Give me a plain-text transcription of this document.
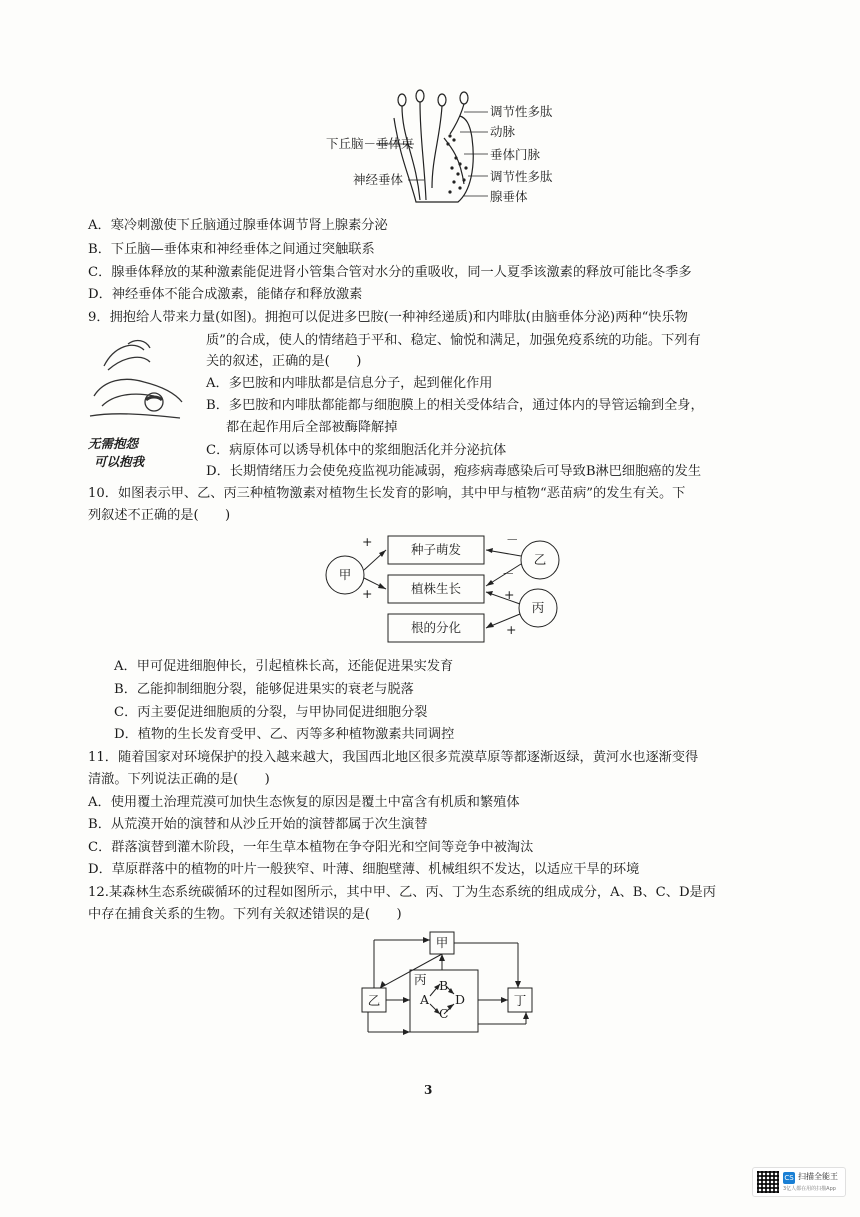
调节性多肽
动脉
垂体门脉
调节性多肽
腺垂体
下丘脑－垂体束
神经垂体
A．寒冷刺激使下丘脑通过腺垂体调节肾上腺素分泌
B．下丘脑—垂体束和神经垂体之间通过突触联系
C．腺垂体释放的某种激素能促进肾小管集合管对水分的重吸收，同一人夏季该激素的释放可能比冬季多
D．神经垂体不能合成激素，能储存和释放激素
9．拥抱给人带来力量(如图)。拥抱可以促进多巴胺(一种神经递质)和内啡肽(由脑垂体分泌)两种“快乐物
质”的合成，使人的情绪趋于平和、稳定、愉悦和满足，加强免疫系统的功能。下列有
关的叙述，正确的是(　　)
无需抱怨
可以抱我
A．多巴胺和内啡肽都是信息分子，起到催化作用
B．多巴胺和内啡肽都能都与细胞膜上的相关受体结合，通过体内的导管运输到全身，
都在起作用后全部被酶降解掉
C．病原体可以诱导机体中的浆细胞活化并分泌抗体
D．长期情绪压力会使免疫监视功能减弱，疱疹病毒感染后可导致B淋巴细胞癌的发生
10．如图表示甲、乙、丙三种植物激素对植物生长发育的影响，其中甲与植物“恶苗病”的发生有关。下
列叙述不正确的是(　　)
甲
乙
丙
种子萌发
植株生长
根的分化
+
+
－
－
+
+
A．甲可促进细胞伸长，引起植株长高，还能促进果实发育
B．乙能抑制细胞分裂，能够促进果实的衰老与脱落
C．丙主要促进细胞质的分裂，与甲协同促进细胞分裂
D．植物的生长发育受甲、乙、丙等多种植物激素共同调控
11．随着国家对环境保护的投入越来越大，我国西北地区很多荒漠草原等都逐渐返绿，黄河水也逐渐变得
清澈。下列说法正确的是(　　)
A．使用覆土治理荒漠可加快生态恢复的原因是覆土中富含有机质和繁殖体
B．从荒漠开始的演替和从沙丘开始的演替都属于次生演替
C．群落演替到灌木阶段，一年生草本植物在争夺阳光和空间等竞争中被淘汰
D．草原群落中的植物的叶片一般狭窄、叶薄、细胞壁薄、机械组织不发达，以适应干旱的环境
12.某森林生态系统碳循环的过程如图所示，其中甲、乙、丙、丁为生态系统的组成成分，A、B、C、D是丙
中存在捕食关系的生物。下列有关叙述错误的是(　　)
甲
乙	丁
丙
A
B
D
C
3
CS 扫描全能王
3亿人都在用的扫描App
